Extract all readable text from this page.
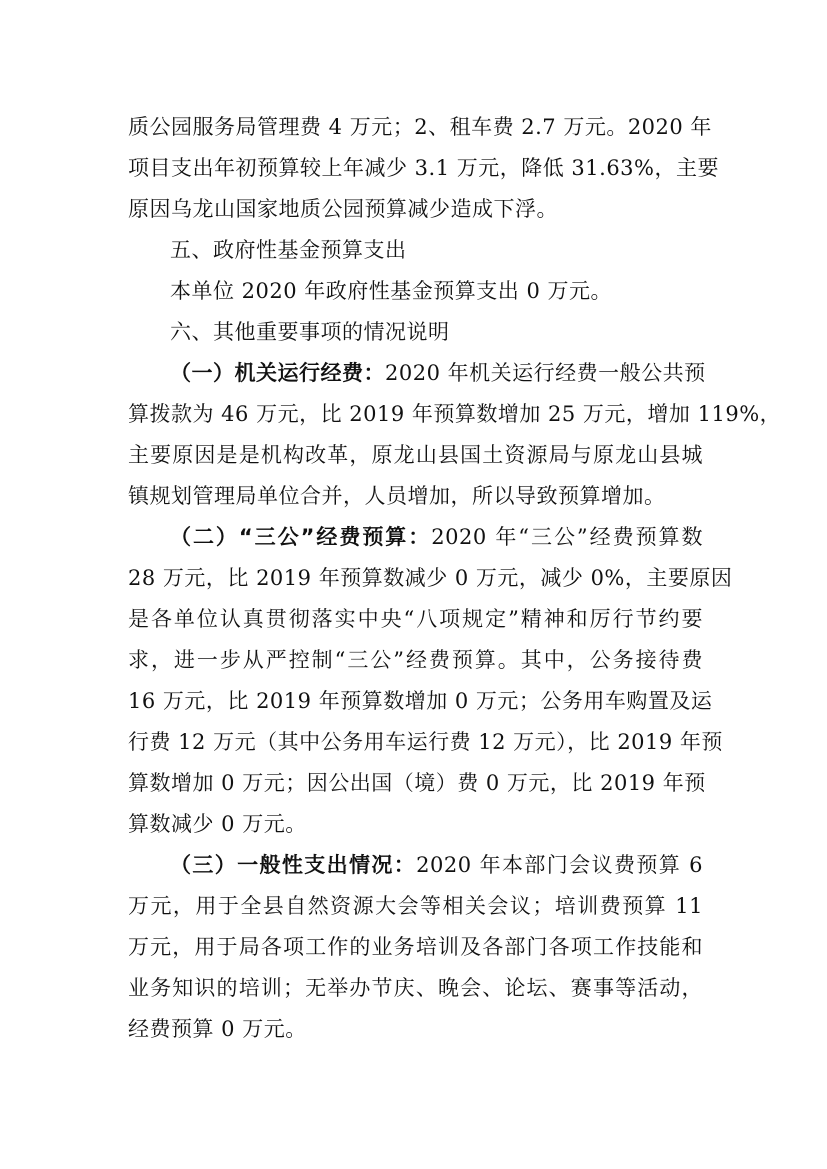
质公园服务局管理费 4 万元；2、租车费 2.7 万元。2020 年
项目支出年初预算较上年减少 3.1 万元，降低 31.63%，主要
原因乌龙山国家地质公园预算减少造成下浮。
五、政府性基金预算支出
本单位 2020 年政府性基金预算支出 0 万元。
六、其他重要事项的情况说明
（一）机关运行经费：2020 年机关运行经费一般公共预
算拨款为 46 万元，比 2019 年预算数增加 25 万元，增加 119%，
主要原因是是机构改革，原龙山县国土资源局与原龙山县城
镇规划管理局单位合并，人员增加，所以导致预算增加。
（二）“三公”经费预算：2020 年“三公”经费预算数
28 万元，比 2019 年预算数减少 0 万元，减少 0%，主要原因
是各单位认真贯彻落实中央“八项规定”精神和厉行节约要
求，进一步从严控制“三公”经费预算。其中，公务接待费
16 万元，比 2019 年预算数增加 0 万元；公务用车购置及运
行费 12 万元（其中公务用车运行费 12 万元），比 2019 年预
算数增加 0 万元；因公出国（境）费 0 万元，比 2019 年预
算数减少 0 万元。
（三）一般性支出情况：2020 年本部门会议费预算 6
万元，用于全县自然资源大会等相关会议；培训费预算 11
万元，用于局各项工作的业务培训及各部门各项工作技能和
业务知识的培训；无举办节庆、晚会、论坛、赛事等活动，
经费预算 0 万元。
